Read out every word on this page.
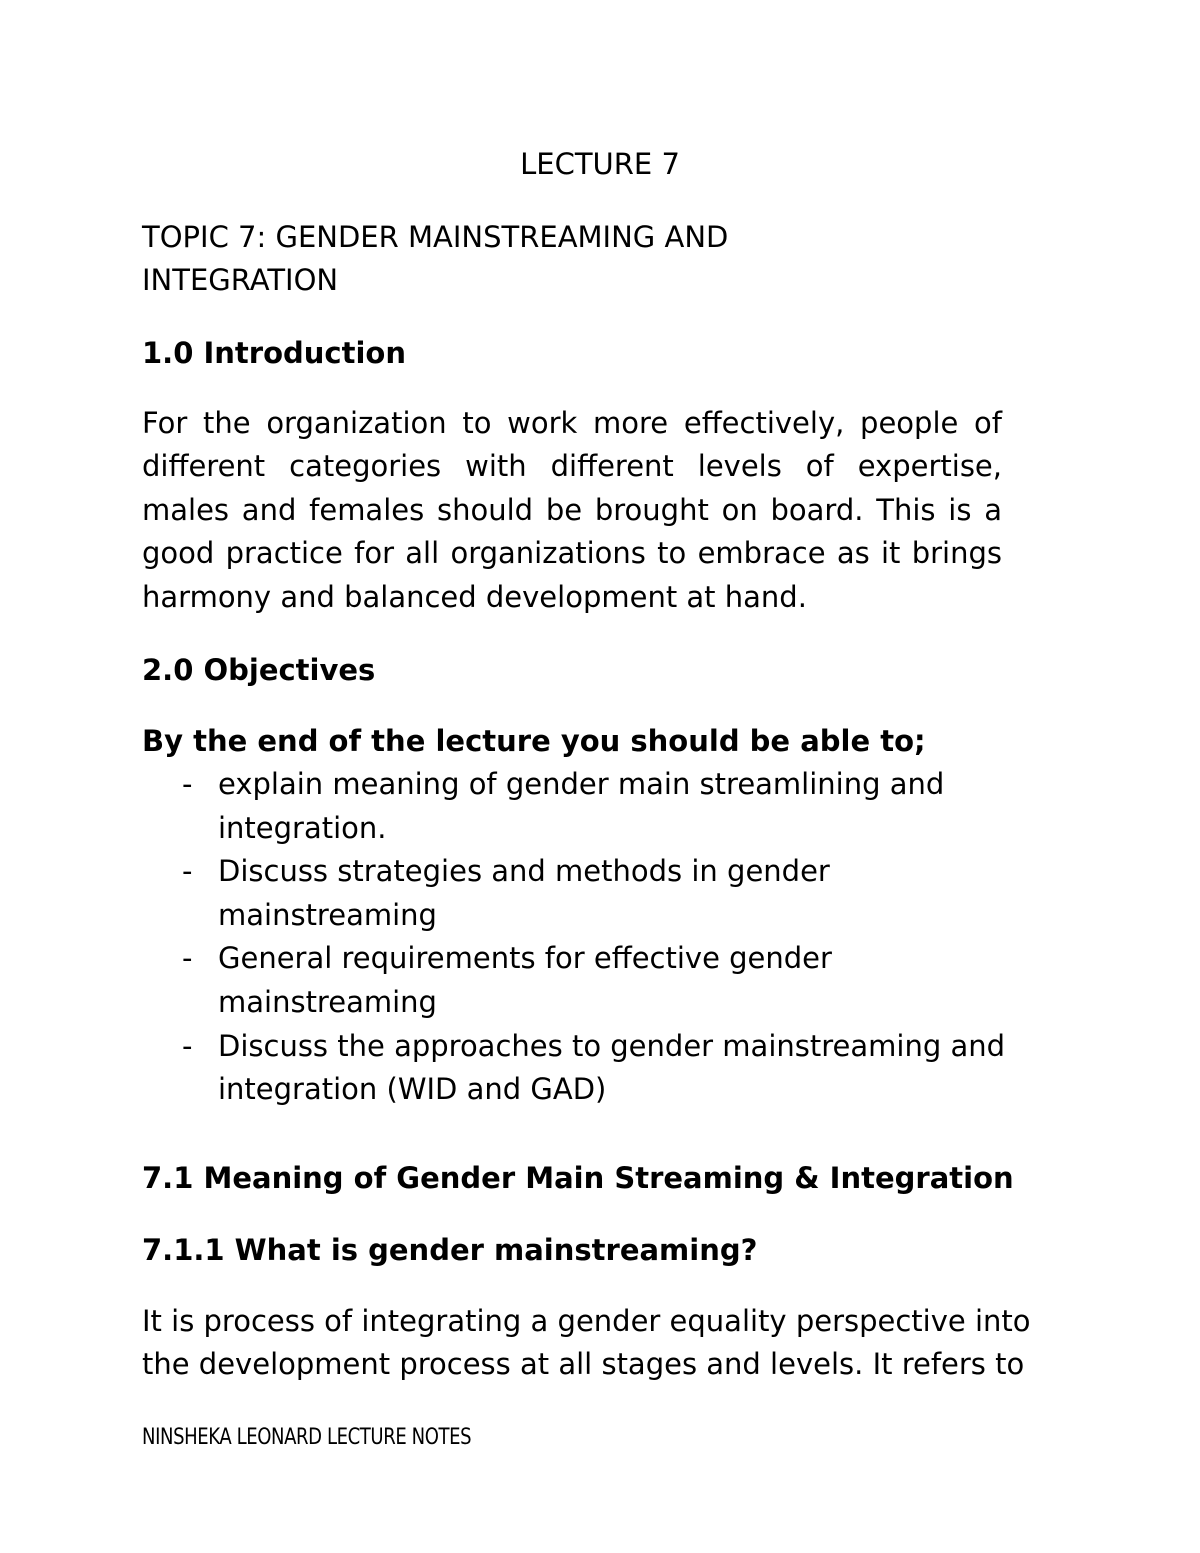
LECTURE 7

TOPIC 7: GENDER MAINSTREAMING AND

INTEGRATION

1.0 Introduction

For the organization to work more effectively, people of

different categories with different levels of expertise,

males and females should be brought on board. This is a

good practice for all organizations to embrace as it brings

harmony and balanced development at hand.

2.0 Objectives

By the end of the lecture you should be able to;

- explain meaning of gender main streamlining and
integration.
- Discuss strategies and methods in gender
mainstreaming
- General requirements for effective gender
mainstreaming
- Discuss the approaches to gender mainstreaming and
integration (WID and GAD)

7.1 Meaning of Gender Main Streaming & Integration

7.1.1 What is gender mainstreaming?

It is process of integrating a gender equality perspective into

the development process at all stages and levels. It refers to

NINSHEKA LEONARD LECTURE NOTES
